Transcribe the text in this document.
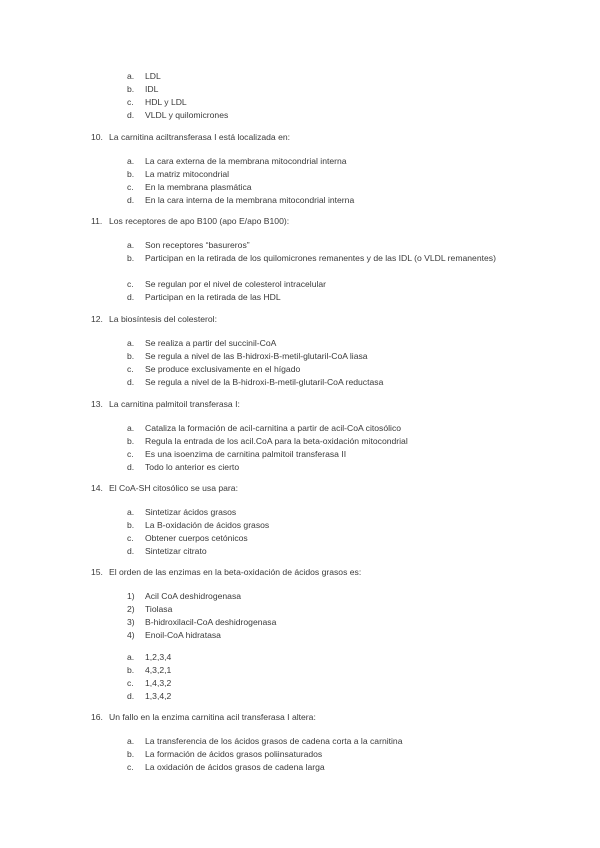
a. LDL
b. IDL
c. HDL y LDL
d. VLDL y quilomicrones
10. La carnitina aciltransferasa I está localizada en:
a. La cara externa de la membrana mitocondrial interna
b. La matriz mitocondrial
c. En la membrana plasmática
d. En la cara interna de la membrana mitocondrial interna
11. Los receptores de apo B100 (apo E/apo B100):
a. Son receptores “basureros”
b. Participan en la retirada de los quilomicrones remanentes y de las IDL (o VLDL remanentes)
c. Se regulan por el nivel de colesterol intracelular
d. Participan en la retirada de las HDL
12. La biosíntesis del colesterol:
a. Se realiza a partir del succinil-CoA
b. Se regula a nivel de las B-hidroxi-B-metil-glutaril-CoA liasa
c. Se produce exclusivamente en el hígado
d. Se regula a nivel de la B-hidroxi-B-metil-glutaril-CoA reductasa
13. La carnitina palmitoil transferasa I:
a. Cataliza la formación de acil-carnitina a partir de acil-CoA citosólico
b. Regula la entrada de los acil.CoA para la beta-oxidación mitocondrial
c. Es una isoenzima de carnitina palmitoil transferasa II
d. Todo lo anterior es cierto
14. El CoA-SH citosólico se usa para:
a. Sintetizar ácidos grasos
b. La B-oxidación de ácidos grasos
c. Obtener cuerpos cetónicos
d. Sintetizar citrato
15. El orden de las enzimas en la beta-oxidación de ácidos grasos es:
1) Acil CoA deshidrogenasa
2) Tiolasa
3) B-hidroxilacil-CoA deshidrogenasa
4) Enoil-CoA hidratasa
a. 1,2,3,4
b. 4,3,2,1
c. 1,4,3,2
d. 1,3,4,2
16. Un fallo en la enzima carnitina acil transferasa I altera:
a. La transferencia de los ácidos grasos de cadena corta a la carnitina
b. La formación de ácidos grasos poliinsaturados
c. La oxidación de ácidos grasos de cadena larga
